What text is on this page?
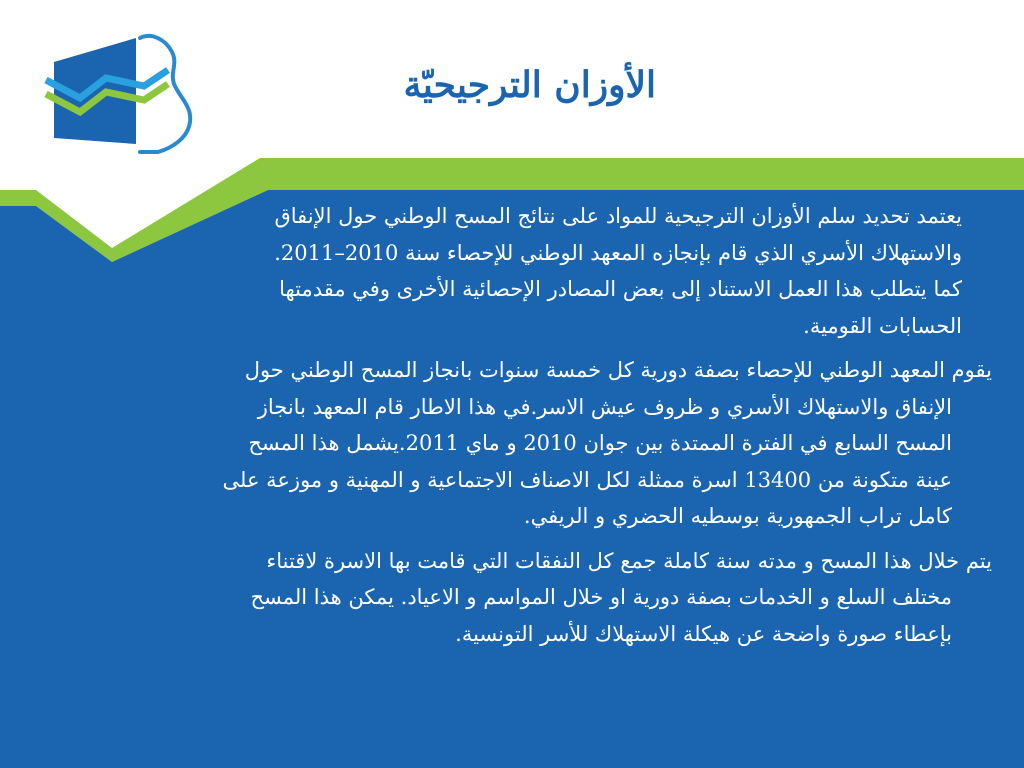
الأوزان الترجيحيّة
يعتمد تحديد سلم الأوزان الترجيحية للمواد على نتائج المسح الوطني حول الإنفاق
والاستهلاك الأسري الذي قام بإنجازه المعهد الوطني للإحصاء سنة 2010–2011.
كما يتطلب هذا العمل الاستناد إلى بعض المصادر الإحصائية الأخرى وفي مقدمتها
الحسابات القومية.
يقوم المعهد الوطني للإحصاء بصفة دورية كل خمسة سنوات بانجاز المسح الوطني حول
الإنفاق والاستهلاك الأسري و ظروف عيش الاسر.في هذا الاطار قام المعهد بانجاز
المسح السابع في الفترة الممتدة بين جوان 2010 و ماي 2011.يشمل هذا المسح
عينة متكونة من 13400 اسرة ممثلة لكل الاصناف الاجتماعية و المهنية و موزعة على
كامل تراب الجمهورية بوسطيه الحضري و الريفي.
يتم خلال هذا المسح و مدته سنة كاملة جمع كل النفقات التي قامت بها الاسرة لاقتناء
مختلف السلع و الخدمات بصفة دورية او خلال المواسم و الاعياد. يمكن هذا المسح
بإعطاء صورة واضحة عن هيكلة الاستهلاك للأسر التونسية.
